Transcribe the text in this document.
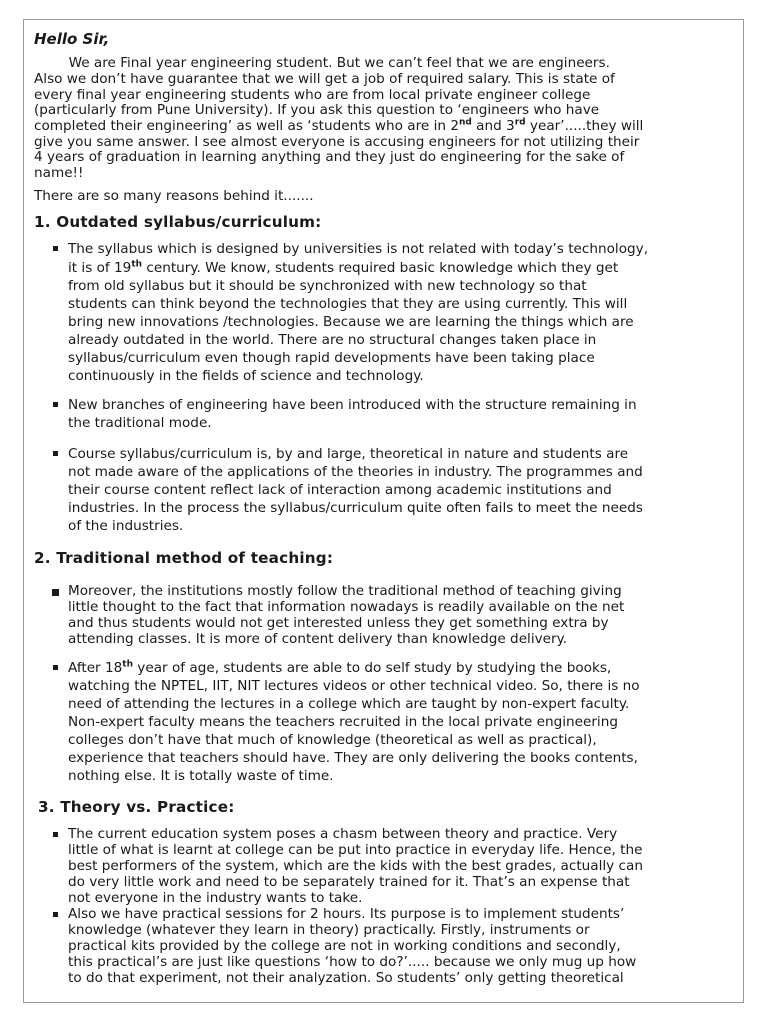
Hello Sir,

We are Final year engineering student. But we can’t feel that we are engineers.

Also we don’t have guarantee that we will get a job of required salary. This is state of

every final year engineering students who are from local private engineer college

(particularly from Pune University). If you ask this question to ‘engineers who have

completed their engineering’ as well as ‘students who are in 2nd and 3rd year’.....they will

give you same answer. I see almost everyone is accusing engineers for not utilizing their

4 years of graduation in learning anything and they just do engineering for the sake of

name!!

There are so many reasons behind it.......

1. Outdated syllabus/curriculum:

The syllabus which is designed by universities is not related with today’s technology,

it is of 19th century. We know, students required basic knowledge which they get

from old syllabus but it should be synchronized with new technology so that

students can think beyond the technologies that they are using currently. This will

bring new innovations /technologies. Because we are learning the things which are

already outdated in the world. There are no structural changes taken place in

syllabus/curriculum even though rapid developments have been taking place

continuously in the fields of science and technology.

New branches of engineering have been introduced with the structure remaining in

the traditional mode.

Course syllabus/curriculum is, by and large, theoretical in nature and students are

not made aware of the applications of the theories in industry. The programmes and

their course content reflect lack of interaction among academic institutions and

industries. In the process the syllabus/curriculum quite often fails to meet the needs

of the industries.

2. Traditional method of teaching:

Moreover, the institutions mostly follow the traditional method of teaching giving

little thought to the fact that information nowadays is readily available on the net

and thus students would not get interested unless they get something extra by

attending classes. It is more of content delivery than knowledge delivery.

After 18th year of age, students are able to do self study by studying the books,

watching the NPTEL, IIT, NIT lectures videos or other technical video. So, there is no

need of attending the lectures in a college which are taught by non-expert faculty.

Non-expert faculty means the teachers recruited in the local private engineering

colleges don’t have that much of knowledge (theoretical as well as practical),

experience that teachers should have. They are only delivering the books contents,

nothing else. It is totally waste of time.

3. Theory vs. Practice:

The current education system poses a chasm between theory and practice. Very

little of what is learnt at college can be put into practice in everyday life. Hence, the

best performers of the system, which are the kids with the best grades, actually can

do very little work and need to be separately trained for it. That’s an expense that

not everyone in the industry wants to take.

Also we have practical sessions for 2 hours. Its purpose is to implement students’

knowledge (whatever they learn in theory) practically. Firstly, instruments or

practical kits provided by the college are not in working conditions and secondly,

this practical’s are just like questions ‘how to do?’..... because we only mug up how

to do that experiment, not their analyzation. So students’ only getting theoretical
